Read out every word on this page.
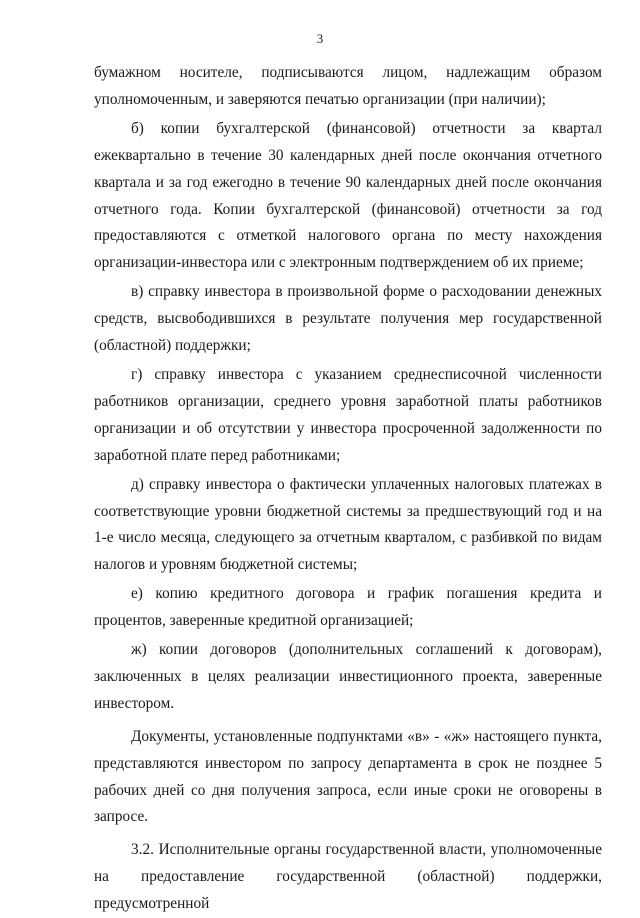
3

бумажном носителе, подписываются лицом, надлежащим образом уполномоченным, и заверяются печатью организации (при наличии);

б) копии бухгалтерской (финансовой) отчетности за квартал ежеквартально в течение 30 календарных дней после окончания отчетного квартала и за год ежегодно в течение 90 календарных дней после окончания отчетного года. Копии бухгалтерской (финансовой) отчетности за год предоставляются с отметкой налогового органа по месту нахождения организации-инвестора или с электронным подтверждением об их приеме;

в) справку инвестора в произвольной форме о расходовании денежных средств, высвободившихся в результате получения мер государственной (областной) поддержки;

г) справку инвестора с указанием среднесписочной численности работников организации, среднего уровня заработной платы работников организации и об отсутствии у инвестора просроченной задолженности по заработной плате перед работниками;

д) справку инвестора о фактически уплаченных налоговых платежах в соответствующие уровни бюджетной системы за предшествующий год и на 1-е число месяца, следующего за отчетным кварталом, с разбивкой по видам налогов и уровням бюджетной системы;

е) копию кредитного договора и график погашения кредита и процентов, заверенные кредитной организацией;

ж) копии договоров (дополнительных соглашений к договорам), заключенных в целях реализации инвестиционного проекта, заверенные инвестором.

Документы, установленные подпунктами «в» - «ж» настоящего пункта, представляются инвестором по запросу департамента в срок не позднее 5 рабочих дней со дня получения запроса, если иные сроки не оговорены в запросе.

3.2. Исполнительные органы государственной власти, уполномоченные на предоставление государственной (областной) поддержки, предусмотренной
